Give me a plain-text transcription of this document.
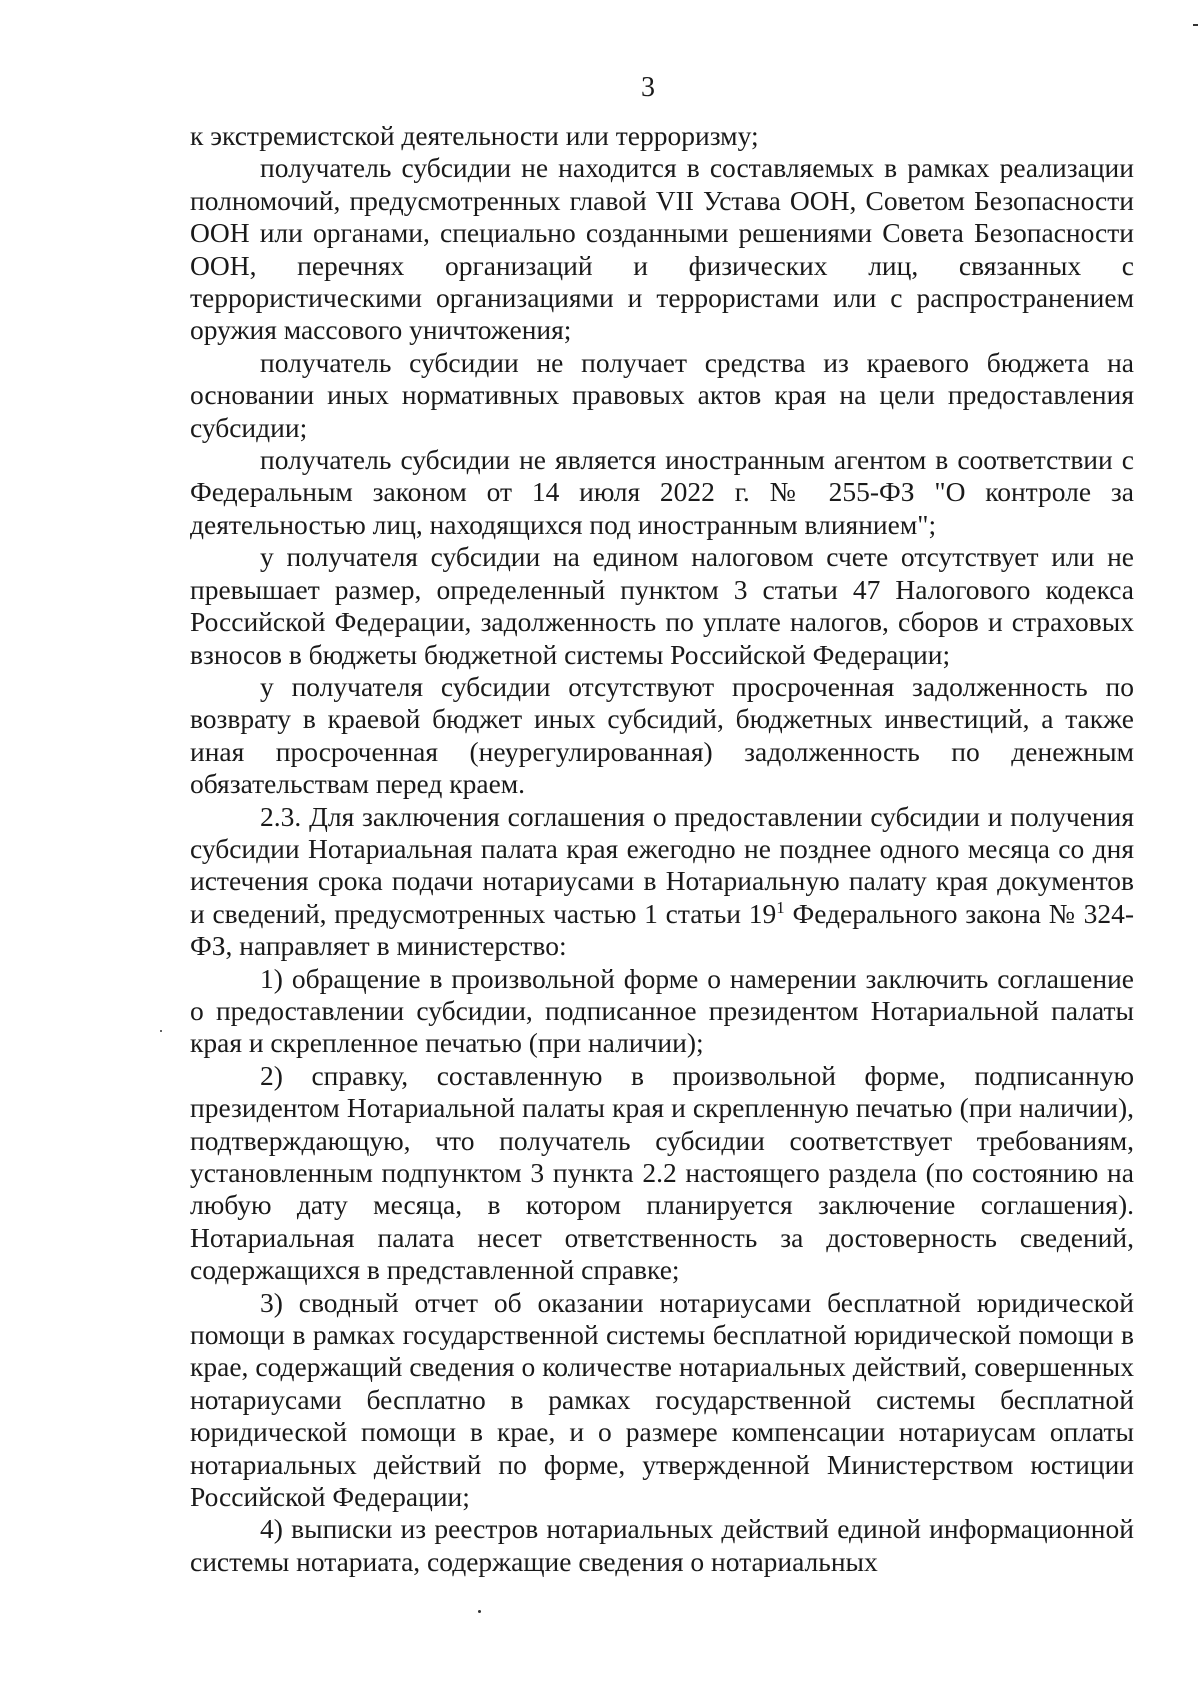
3

к экстремистской деятельности или терроризму;

получатель субсидии не находится в составляемых в рамках реализации полномочий, предусмотренных главой VII Устава ООН, Советом Безопасности ООН или органами, специально созданными решениями Совета Безопасности ООН, перечнях организаций и физических лиц, связанных с террористическими организациями и террористами или с распространением оружия массового уничтожения;

получатель субсидии не получает средства из краевого бюджета на основании иных нормативных правовых актов края на цели предоставления субсидии;

получатель субсидии не является иностранным агентом в соответствии с Федеральным законом от 14 июля 2022 г. № 255-ФЗ "О контроле за деятельностью лиц, находящихся под иностранным влиянием";

у получателя субсидии на едином налоговом счете отсутствует или не превышает размер, определенный пунктом 3 статьи 47 Налогового кодекса Российской Федерации, задолженность по уплате налогов, сборов и страховых взносов в бюджеты бюджетной системы Российской Федерации;

у получателя субсидии отсутствуют просроченная задолженность по возврату в краевой бюджет иных субсидий, бюджетных инвестиций, а также иная просроченная (неурегулированная) задолженность по денежным обязательствам перед краем.

2.3. Для заключения соглашения о предоставлении субсидии и получения субсидии Нотариальная палата края ежегодно не позднее одного месяца со дня истечения срока подачи нотариусами в Нотариальную палату края документов и сведений, предусмотренных частью 1 статьи $19^1$ Федерального закона № 324-ФЗ, направляет в министерство:

1) обращение в произвольной форме о намерении заключить соглашение о предоставлении субсидии, подписанное президентом Нотариальной палаты края и скрепленное печатью (при наличии);

2) справку, составленную в произвольной форме, подписанную президентом Нотариальной палаты края и скрепленную печатью (при наличии), подтверждающую, что получатель субсидии соответствует требованиям, установленным подпунктом 3 пункта 2.2 настоящего раздела (по состоянию на любую дату месяца, в котором планируется заключение соглашения). Нотариальная палата несет ответственность за достоверность сведений, содержащихся в представленной справке;

3) сводный отчет об оказании нотариусами бесплатной юридической помощи в рамках государственной системы бесплатной юридической помощи в крае, содержащий сведения о количестве нотариальных действий, совершенных нотариусами бесплатно в рамках государственной системы бесплатной юридической помощи в крае, и о размере компенсации нотариусам оплаты нотариальных действий по форме, утвержденной Министерством юстиции Российской Федерации;

4) выписки из реестров нотариальных действий единой информационной системы нотариата, содержащие сведения о нотариальных
